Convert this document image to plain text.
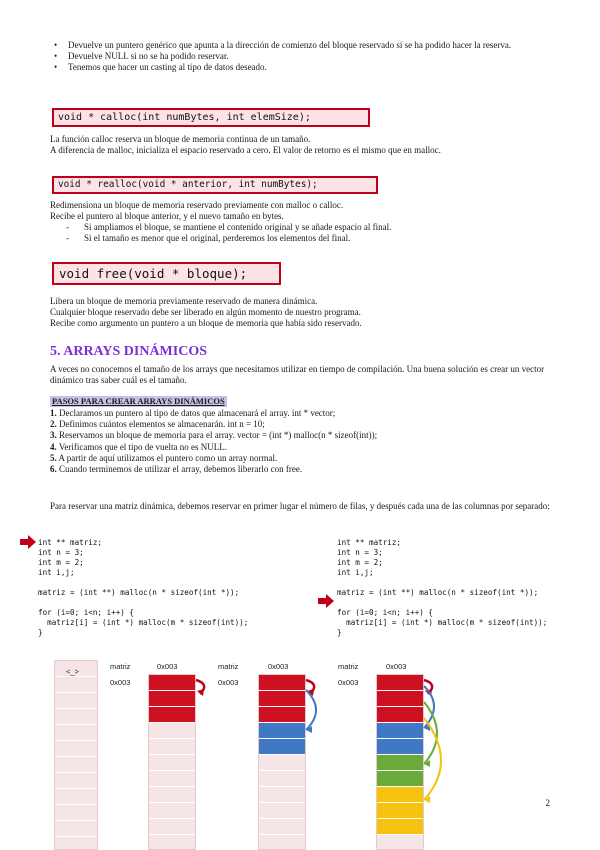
• Devuelve un puntero genérico que apunta a la dirección de comienzo del bloque reservado si se ha podido hacer la reserva.
• Devuelve NULL si no se ha podido reservar.
• Tenemos que hacer un casting al tipo de datos deseado.
void * calloc(int numBytes, int elemSize);
La función calloc reserva un bloque de memoria continua de un tamaño.
A diferencia de malloc, inicializa el espacio reservado a cero. El valor de retorno es el mismo que en malloc.
void * realloc(void * anterior, int numBytes);
Redimensiona un bloque de memoria reservado previamente con malloc o calloc.
Recibe el puntero al bloque anterior, y el nuevo tamaño en bytes.
- Si ampliamos el bloque, se mantiene el contenido original y se añade espacio al final.
- Si el tamaño es menor que el original, perderemos los elementos del final.
void free(void * bloque);
Libera un bloque de memoria previamente reservado de manera dinámica.
Cualquier bloque reservado debe ser liberado en algún momento de nuestro programa.
Recibe como argumento un puntero a un bloque de memoria que había sido reservado.
5. ARRAYS DINÁMICOS
A veces no conocemos el tamaño de los arrays que necesitamos utilizar en tiempo de compilación. Una buena solución es crear un vector dinámico tras saber cuál es el tamaño.
PASOS PARA CREAR ARRAYS DINÁMICOS
1. Declaramos un puntero al tipo de datos que almacenará el array. int * vector;
2. Definimos cuántos elementos se almacenarán. int n = 10;
3. Reservamos un bloque de memoria para el array. vector = (int *) malloc(n * sizeof(int));
4. Verificamos que el tipo de vuelta no es NULL.
5. A partir de aquí utilizamos el puntero como un array normal.
6. Cuando terminemos de utilizar el array, debemos liberarlo con free.
Para reservar una matriz dinámica, debemos reservar en primer lugar el número de filas, y después cada una de las columnas por separado:
int ** matriz;
int n = 3;
int m = 2;
int i,j;

matriz = (int **) malloc(n * sizeof(int *));

for (i=0; i<n; i++) {
matriz[i] = (int *) malloc(m * sizeof(int));
}
int ** matriz;
int n = 3;
int m = 2;
int i,j;

matriz = (int **) malloc(n * sizeof(int *));

for (i=0; i<n; i++) {
matriz[i] = (int *) malloc(m * sizeof(int));
}
<_>
matriz
0x003
0x003	matriz
0x003
0x003	matriz
0x003
0x003
2
